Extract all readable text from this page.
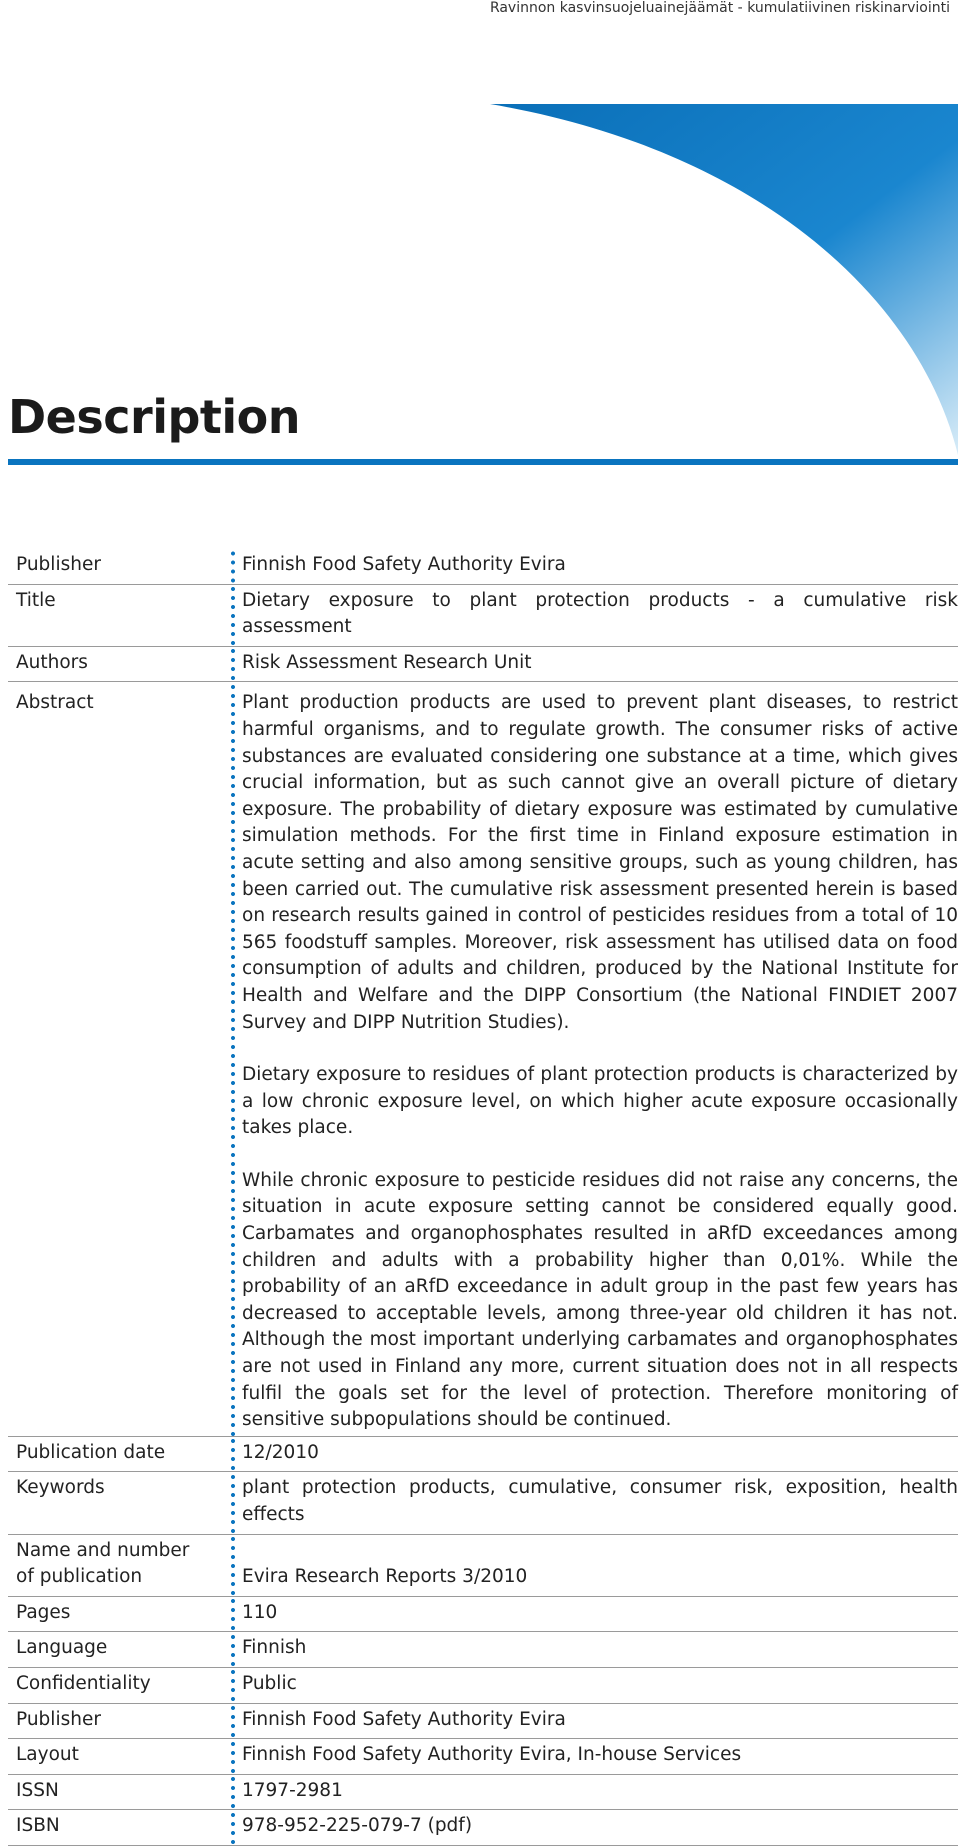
Ravinnon kasvinsuojeluainejäämät - kumulatiivinen riskinarviointi
Description
Publisher	Finnish Food Safety Authority Evira
Title	Dietary exposure to plant protection products - a cumulative risk assessment
Authors	Risk Assessment Research Unit
Abstract	Plant production products are used to prevent plant diseases, to restrict harmful organisms, and to regulate growth. The consumer risks of active substances are evaluated considering one substance at a time, which gives crucial information, but as such cannot give an overall picture of dietary exposure. The probability of dietary exposure was estimated by cumulative simulation methods. For the first time in Finland exposure estimation in acute setting and also among sensitive groups, such as young children, has been carried out. The cumulative risk assessment presented herein is based on research results gained in control of pesticides residues from a total of 10 565 foodstuff samples. Moreover, risk assessment has utilised data on food consumption of adults and children, produced by the National Institute for Health and Welfare and the DIPP Consortium (the National FINDIET 2007 Survey and DIPP Nutrition Studies).

Dietary exposure to residues of plant protection products is characterized by a low chronic exposure level, on which higher acute exposure occasionally takes place.

While chronic exposure to pesticide residues did not raise any concerns, the situation in acute exposure setting cannot be considered equally good. Carbamates and organophosphates resulted in aRfD exceedances among children and adults with a probability higher than 0,01%. While the probability of an aRfD exceedance in adult group in the past few years has decreased to acceptable levels, among three-year old children it has not. Although the most important underlying carbamates and organophosphates are not used in Finland any more, current situation does not in all respects fulfil the goals set for the level of protection. Therefore monitoring of sensitive subpopulations should be continued.

Publication date	12/2010
Keywords	plant protection products, cumulative, consumer risk, exposition, health effects
Name and number
of publication	Evira Research Reports 3/2010
Pages	110
Language	Finnish
Confidentiality	Public
Publisher	Finnish Food Safety Authority Evira
Layout	Finnish Food Safety Authority Evira, In-house Services
ISSN	1797-2981
ISBN	978-952-225-079-7 (pdf)
